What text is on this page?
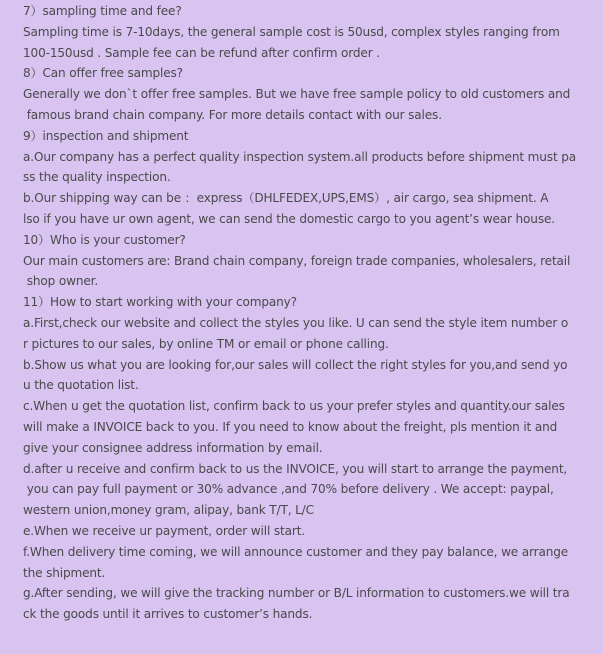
7）sampling time and fee?
Sampling time is 7-10days, the general sample cost is 50usd, complex styles ranging from
100-150usd . Sample fee can be refund after confirm order .
8）Can offer free samples?
Generally we don`t offer free samples. But we have free sample policy to old customers and
famous brand chain company. For more details contact with our sales.
9）inspection and shipment
a.Our company has a perfect quality inspection system.all products before shipment must pa
ss the quality inspection.
b.Our shipping way can be ：express（DHLFEDEX,UPS,EMS）, air cargo, sea shipment. A
lso if you have ur own agent, we can send the domestic cargo to you agent’s wear house.
10）Who is your customer?
Our main customers are: Brand chain company, foreign trade companies, wholesalers, retail
shop owner.
11）How to start working with your company?
a.First,check our website and collect the styles you like. U can send the style item number o
r pictures to our sales, by online TM or email or phone calling.
b.Show us what you are looking for,our sales will collect the right styles for you,and send yo
u the quotation list.
c.When u get the quotation list, confirm back to us your prefer styles and quantity.our sales
will make a INVOICE back to you. If you need to know about the freight, pls mention it and
give your consignee address information by email.
d.after u receive and confirm back to us the INVOICE, you will start to arrange the payment,
you can pay full payment or 30% advance ,and 70% before delivery . We accept: paypal,
western union,money gram, alipay, bank T/T, L/C
e.When we receive ur payment, order will start.
f.When delivery time coming, we will announce customer and they pay balance, we arrange
the shipment.
g.After sending, we will give the tracking number or B/L information to customers.we will tra
ck the goods until it arrives to customer’s hands.
